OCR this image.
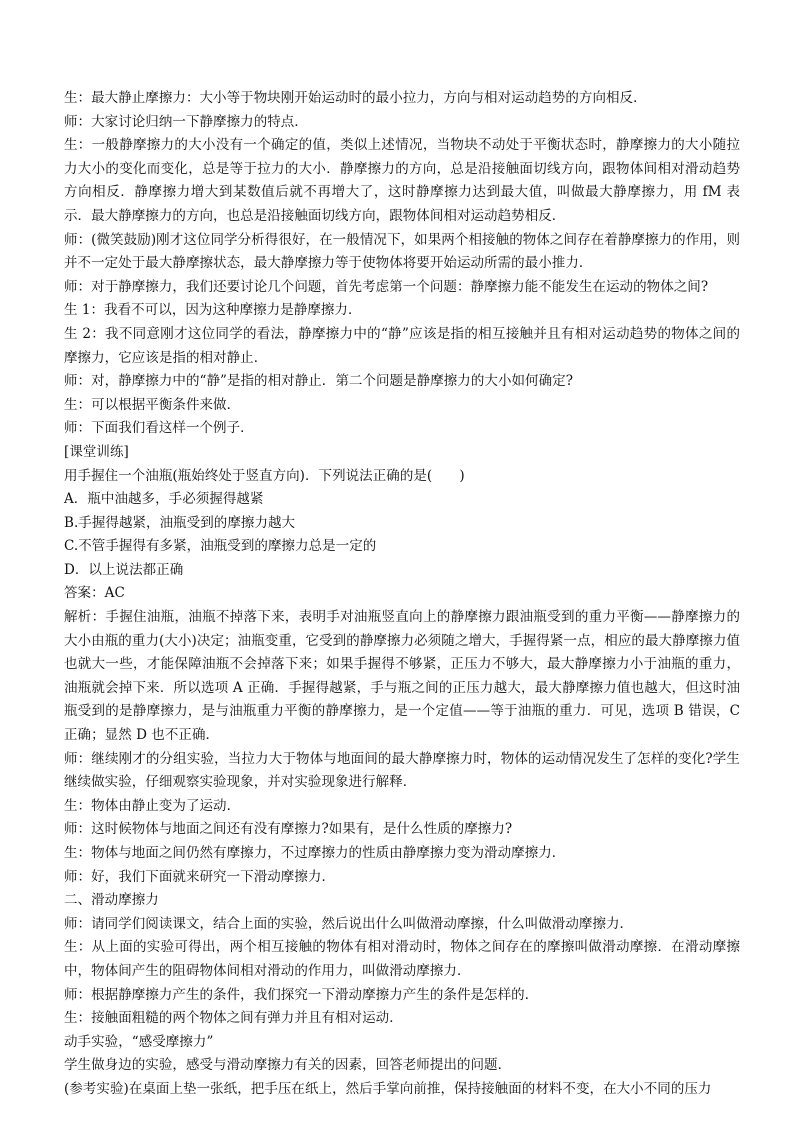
生：最大静止摩擦力：大小等于物块刚开始运动时的最小拉力，方向与相对运动趋势的方向相反．

师：大家讨论归纳一下静摩擦力的特点．

生：一般静摩擦力的大小没有一个确定的值，类似上述情况，当物块不动处于平衡状态时，静摩擦力的大小随拉力大小的变化而变化，总是等于拉力的大小．静摩擦力的方向，总是沿接触面切线方向，跟物体间相对滑动趋势方向相反．静摩擦力增大到某数值后就不再增大了，这时静摩擦力达到最大值，叫做最大静摩擦力，用 fM 表示．最大静摩擦力的方向，也总是沿接触面切线方向，跟物体间相对运动趋势相反．

师：(微笑鼓励)刚才这位同学分析得很好，在一般情况下，如果两个相接触的物体之间存在着静摩擦力的作用，则并不一定处于最大静摩擦状态，最大静摩擦力等于使物体将要开始运动所需的最小推力．

师：对于静摩擦力，我们还要讨论几个问题，首先考虑第一个问题：静摩擦力能不能发生在运动的物体之间?

生 1：我看不可以，因为这种摩擦力是静摩擦力．

生 2：我不同意刚才这位同学的看法，静摩擦力中的“静”应该是指的相互接触并且有相对运动趋势的物体之间的摩擦力，它应该是指的相对静止．

师：对，静摩擦力中的“静”是指的相对静止．第二个问题是静摩擦力的大小如何确定?

生：可以根据平衡条件来做．

师：下面我们看这样一个例子．

[课堂训练]

用手握住一个油瓶(瓶始终处于竖直方向)．下列说法正确的是(　　)

A．瓶中油越多，手必须握得越紧

B.手握得越紧，油瓶受到的摩擦力越大

C.不管手握得有多紧，油瓶受到的摩擦力总是一定的

D．以上说法都正确

答案：AC

解析：手握住油瓶，油瓶不掉落下来，表明手对油瓶竖直向上的静摩擦力跟油瓶受到的重力平衡——静摩擦力的大小由瓶的重力(大小)决定；油瓶变重，它受到的静摩擦力必须随之增大，手握得紧一点，相应的最大静摩擦力值也就大一些，才能保障油瓶不会掉落下来；如果手握得不够紧，正压力不够大，最大静摩擦力小于油瓶的重力，油瓶就会掉下来．所以选项 A 正确．手握得越紧，手与瓶之间的正压力越大，最大静摩擦力值也越大，但这时油瓶受到的是静摩擦力，是与油瓶重力平衡的静摩擦力，是一个定值——等于油瓶的重力．可见，选项 B 错误，C 正确；显然 D 也不正确．

师：继续刚才的分组实验，当拉力大于物体与地面间的最大静摩擦力时，物体的运动情况发生了怎样的变化?学生继续做实验，仔细观察实验现象，并对实验现象进行解释．

生：物体由静止变为了运动．

师：这时候物体与地面之间还有没有摩擦力?如果有，是什么性质的摩擦力?

生：物体与地面之间仍然有摩擦力，不过摩擦力的性质由静摩擦力变为滑动摩擦力．

师：好，我们下面就来研究一下滑动摩擦力．

二、滑动摩擦力

师：请同学们阅读课文，结合上面的实验，然后说出什么叫做滑动摩擦，什么叫做滑动摩擦力．

生：从上面的实验可得出，两个相互接触的物体有相对滑动时，物体之间存在的摩擦叫做滑动摩擦．在滑动摩擦中，物体间产生的阻碍物体间相对滑动的作用力，叫做滑动摩擦力．

师：根据静摩擦力产生的条件，我们探究一下滑动摩擦力产生的条件是怎样的．

生：接触面粗糙的两个物体之间有弹力并且有相对运动．

动手实验，“感受摩擦力”

学生做身边的实验，感受与滑动摩擦力有关的因素，回答老师提出的问题．

(参考实验)在桌面上垫一张纸，把手压在纸上，然后手掌向前推，保持接触面的材料不变，在大小不同的压力
